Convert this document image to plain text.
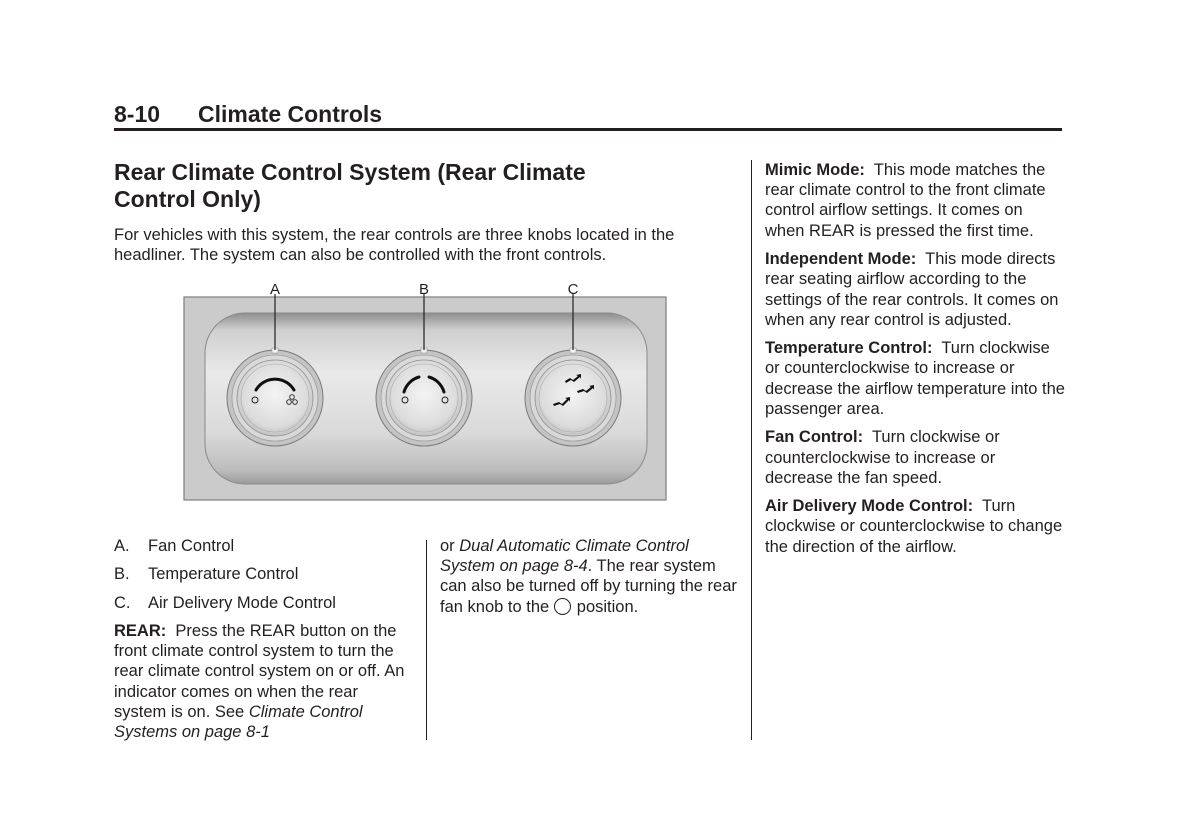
8-10 Climate Controls
Rear Climate Control System (Rear Climate Control Only)

For vehicles with this system, the rear controls are three knobs located in the headliner. The system can also be controlled with the front controls.

A	B	C
A.	Fan Control
B.	Temperature Control
C.	Air Delivery Mode Control

REAR: Press the REAR button on the front climate control system to turn the rear climate control system on or off. An indicator comes on when the rear system is on. See Climate Control Systems on page 8-1

or Dual Automatic Climate Control System on page 8-4. The rear system can also be turned off by turning the rear fan knob to the position.

Mimic Mode: This mode matches the rear climate control to the front climate control airflow settings. It comes on when REAR is pressed the first time.

Independent Mode: This mode directs rear seating airflow according to the settings of the rear controls. It comes on when any rear control is adjusted.

Temperature Control: Turn clockwise or counterclockwise to increase or decrease the airflow temperature into the passenger area.

Fan Control: Turn clockwise or counterclockwise to increase or decrease the fan speed.

Air Delivery Mode Control: Turn clockwise or counterclockwise to change the direction of the airflow.
